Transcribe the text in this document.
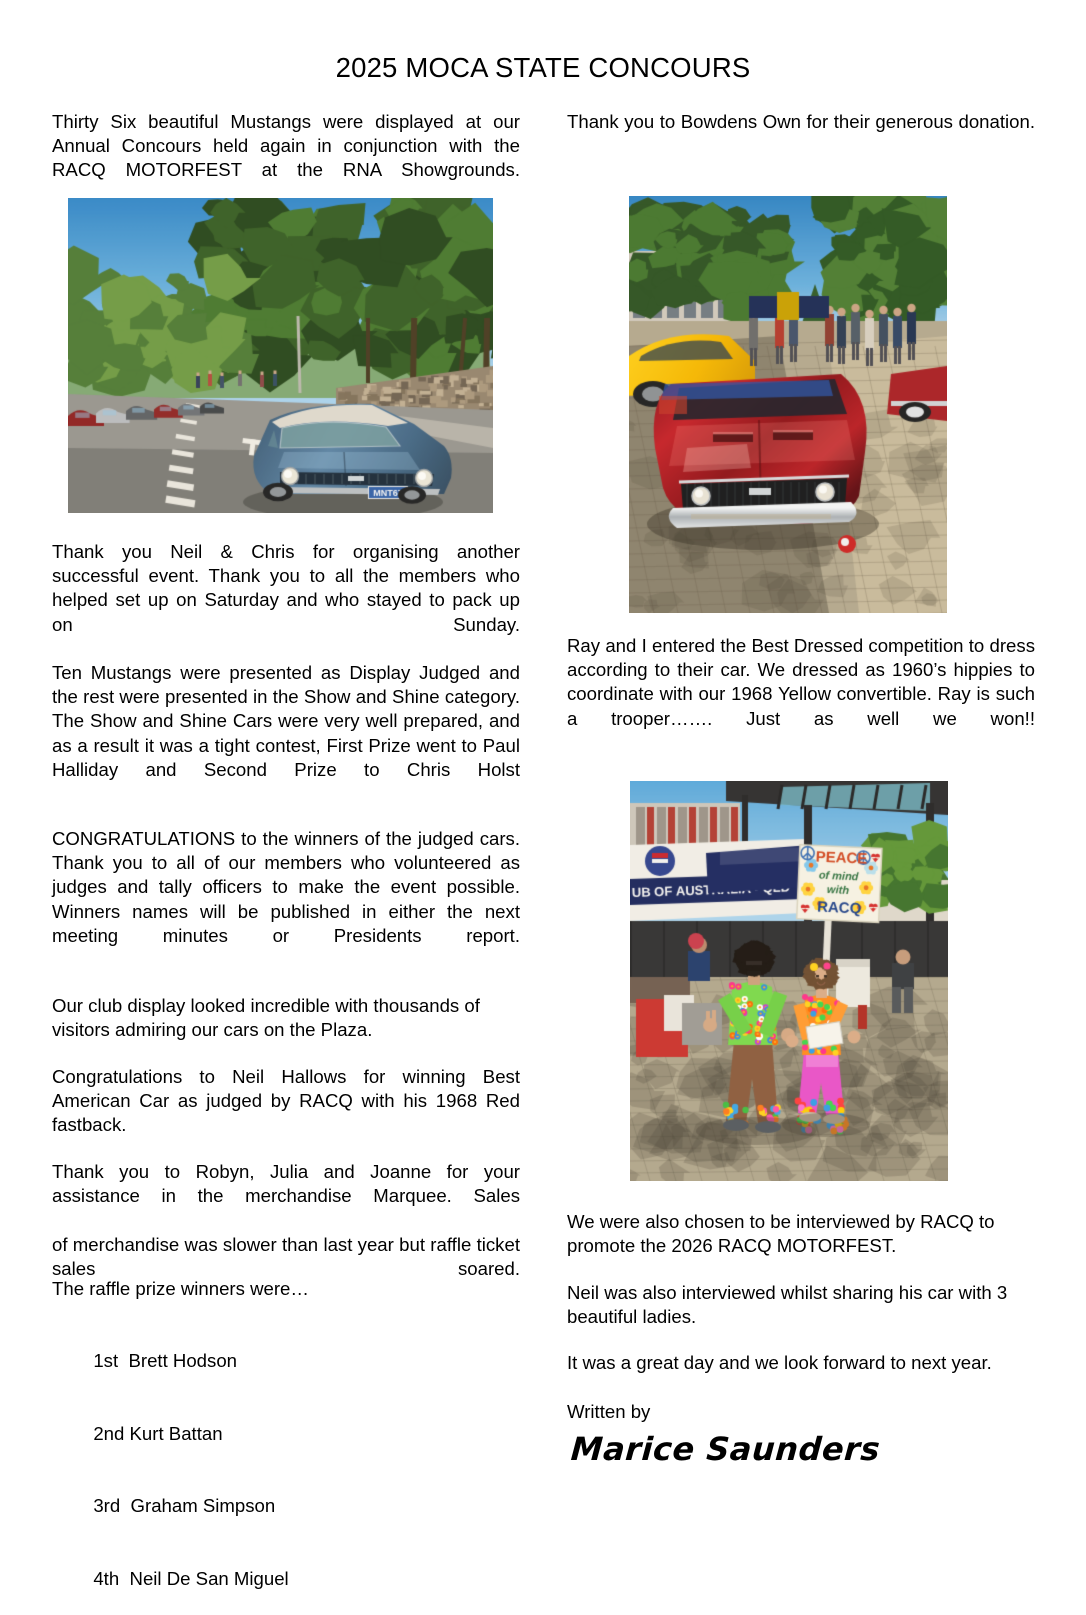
2025 MOCA STATE CONCOURS

Thirty Six beautiful Mustangs were displayed at our Annual Concours held again in conjunction with the RACQ MOTORFEST at the RNA Showgrounds.

Thank you Neil & Chris for organising another successful event. Thank you to all the members who helped set up on Saturday and who stayed to pack up on Sunday.

Ten Mustangs were presented as Display Judged and the rest were presented in the Show and Shine category. The Show and Shine Cars were very well prepared, and as a result it was a tight contest, First Prize went to Paul Halliday and Second Prize to Chris Holst

CONGRATULATIONS to the winners of the judged cars. Thank you to all of our members who volunteered as judges and tally officers to make the event possible. Winners names will be published in either the next meeting minutes or Presidents report.

Our club display looked incredible with thousands of visitors admiring our cars on the Plaza.

Congratulations to Neil Hallows for winning Best American Car as judged by RACQ with his 1968 Red fastback.

Thank you to Robyn, Julia and Joanne for your assistance in the merchandise Marquee. Sales

of merchandise was slower than last year but raffle ticket sales soared.

The raffle prize winners were…

1st Brett Hodson

2nd Kurt Battan

3rd Graham Simpson

4th Neil De San Miguel

Thank you to Bowdens Own for their generous donation.

Ray and I entered the Best Dressed competition to dress according to their car. We dressed as 1960’s hippies to coordinate with our 1968 Yellow convertible. Ray is such a trooper……. Just as well we won!!

We were also chosen to be interviewed by RACQ to promote the 2026 RACQ MOTORFEST.

Neil was also interviewed whilst sharing his car with 3 beautiful ladies.

It was a great day and we look forward to next year.

Written by
Marice Saunders
